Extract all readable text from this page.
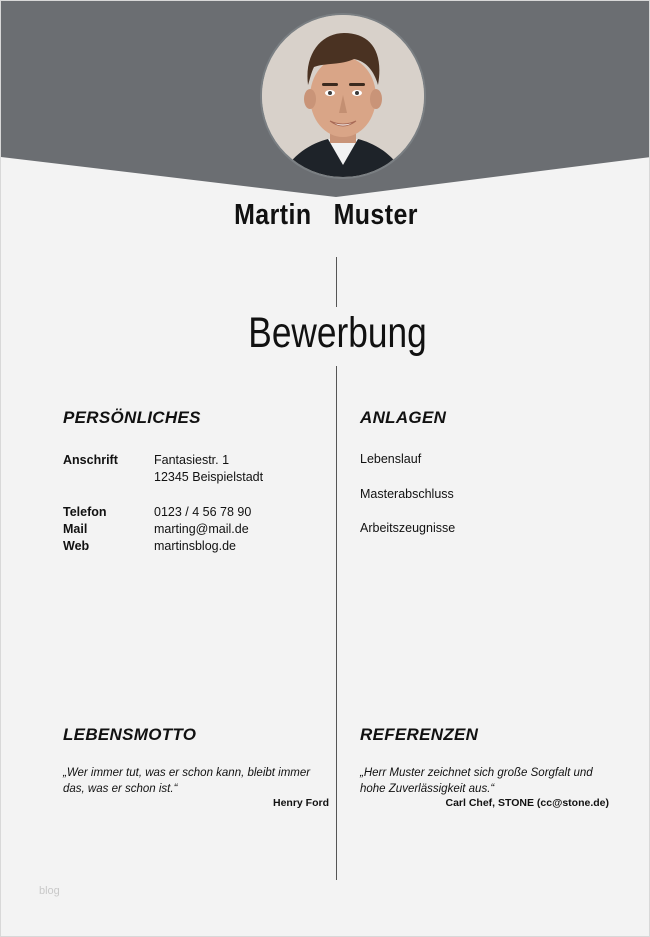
Martin   Muster
Bewerbung
PERSÖNLICHES
Anschrift	Fantasiestr. 1
12345 Beispielstadt
Telefon	0123 / 4 56 78 90
Mail	marting@mail.de
Web	martinsblog.de
ANLAGEN
Lebenslauf
Masterabschluss
Arbeitszeugnisse
LEBENSMOTTO
„Wer immer tut, was er schon kann, bleibt immer das, was er schon ist.“
Henry Ford
REFERENZEN
„Herr Muster zeichnet sich große Sorgfalt und hohe Zuverlässigkeit aus.“
Carl Chef, STONE (cc@stone.de)
blog
